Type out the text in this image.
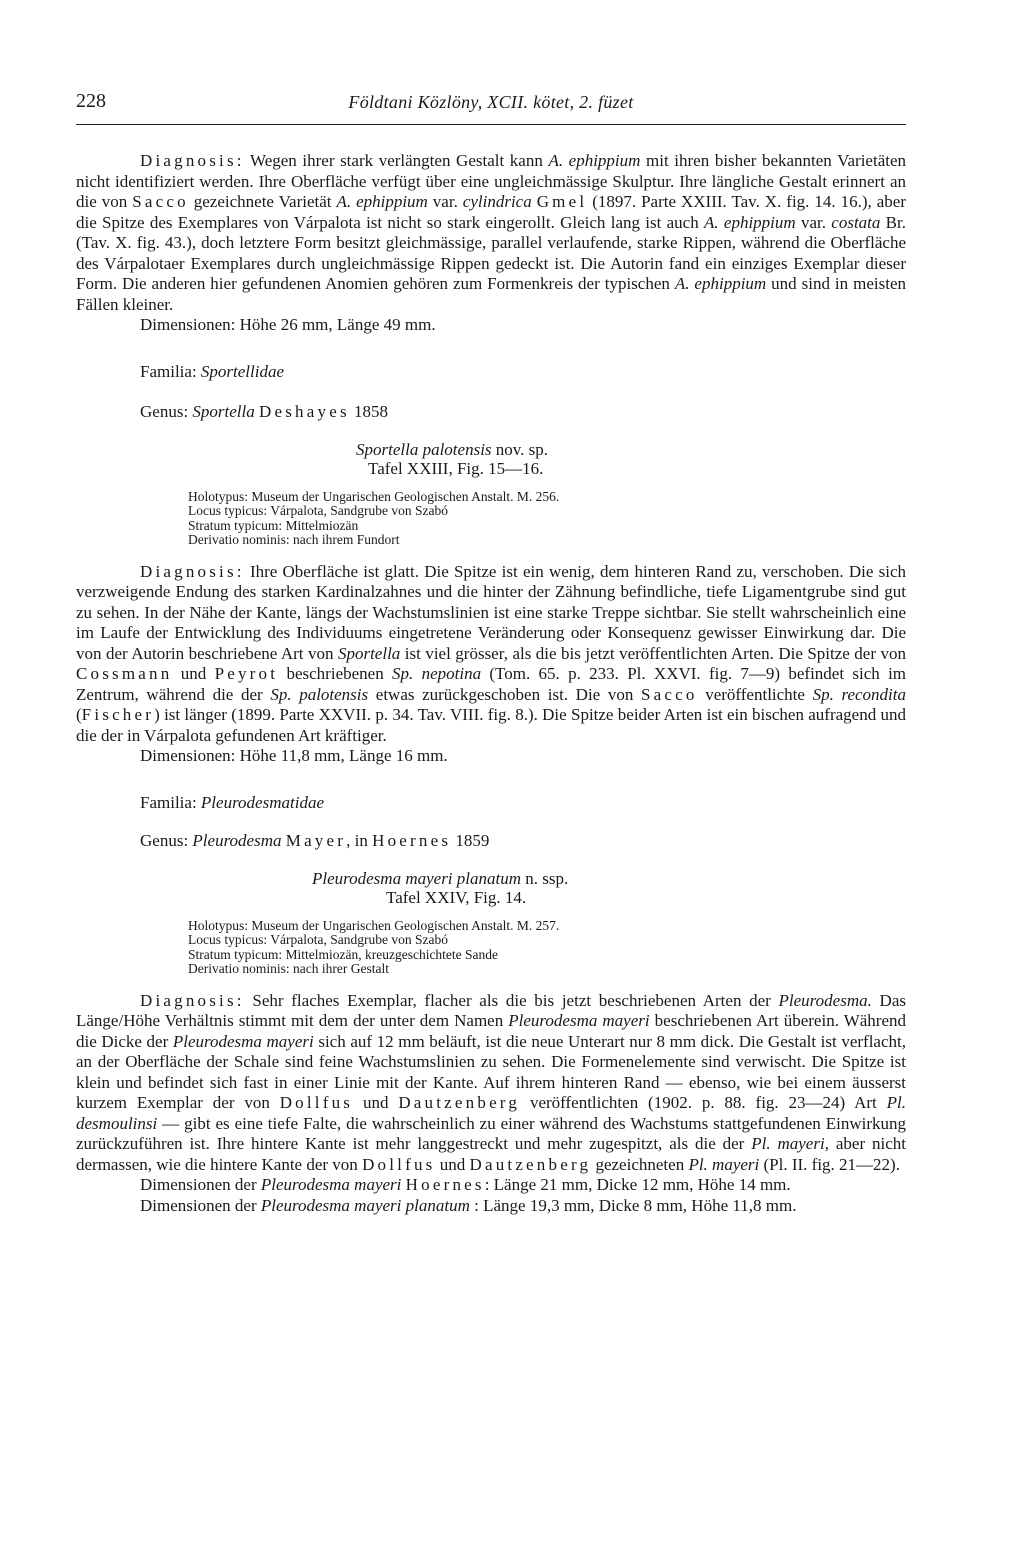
228	Földtani Közlöny, XCII. kötet, 2. füzet

Diagnosis: Wegen ihrer stark verlängten Gestalt kann A. ephippium mit ihren bisher bekannten Varietäten nicht identifiziert werden. Ihre Oberfläche verfügt über eine ungleichmässige Skulptur. Ihre längliche Gestalt erinnert an die von Sacco gezeichnete Varietät A. ephippium var. cylindrica Gmel (1897. Parte XXIII. Tav. X. fig. 14. 16.), aber die Spitze des Exemplares von Várpalota ist nicht so stark eingerollt. Gleich lang ist auch A. ephippium var. costata Br. (Tav. X. fig. 43.), doch letztere Form besitzt gleichmässige, parallel verlaufende, starke Rippen, während die Oberfläche des Várpalotaer Exemplares durch ungleichmässige Rippen gedeckt ist. Die Autorin fand ein einziges Exemplar dieser Form. Die anderen hier gefundenen Anomien gehören zum Formenkreis der typischen A. ephippium und sind in meisten Fällen kleiner.

Dimensionen: Höhe 26 mm, Länge 49 mm.

Familia: Sportellidae

Genus: Sportella Deshayes 1858

Sportella palotensis nov. sp.

Tafel XXIII, Fig. 15—16.

Holotypus: Museum der Ungarischen Geologischen Anstalt. M. 256.

Locus typicus: Várpalota, Sandgrube von Szabó

Stratum typicum: Mittelmiozän

Derivatio nominis: nach ihrem Fundort

Diagnosis: Ihre Oberfläche ist glatt. Die Spitze ist ein wenig, dem hinteren Rand zu, verschoben. Die sich verzweigende Endung des starken Kardinalzahnes und die hinter der Zähnung befindliche, tiefe Ligamentgrube sind gut zu sehen. In der Nähe der Kante, längs der Wachstumslinien ist eine starke Treppe sichtbar. Sie stellt wahrscheinlich eine im Laufe der Entwicklung des Individuums eingetretene Veränderung oder Konsequenz gewisser Einwirkung dar. Die von der Autorin beschriebene Art von Sportella ist viel grösser, als die bis jetzt veröffentlichten Arten. Die Spitze der von Cossmann und Peyrot beschriebenen Sp. nepotina (Tom. 65. p. 233. Pl. XXVI. fig. 7—9) befindet sich im Zentrum, während die der Sp. palotensis etwas zurückgeschoben ist. Die von Sacco veröffentlichte Sp. recondita (Fischer) ist länger (1899. Parte XXVII. p. 34. Tav. VIII. fig. 8.). Die Spitze beider Arten ist ein bischen aufragend und die der in Várpalota gefundenen Art kräftiger.

Dimensionen: Höhe 11,8 mm, Länge 16 mm.

Familia: Pleurodesmatidae

Genus: Pleurodesma Mayer, in Hoernes 1859

Pleurodesma mayeri planatum n. ssp.

Tafel XXIV, Fig. 14.

Holotypus: Museum der Ungarischen Geologischen Anstalt. M. 257.

Locus typicus: Várpalota, Sandgrube von Szabó

Stratum typicum: Mittelmiozän, kreuzgeschichtete Sande

Derivatio nominis: nach ihrer Gestalt

Diagnosis: Sehr flaches Exemplar, flacher als die bis jetzt beschriebenen Arten der Pleurodesma. Das Länge/Höhe Verhältnis stimmt mit dem der unter dem Namen Pleurodesma mayeri beschriebenen Art überein. Während die Dicke der Pleurodesma mayeri sich auf 12 mm beläuft, ist die neue Unterart nur 8 mm dick. Die Gestalt ist verflacht, an der Oberfläche der Schale sind feine Wachstumslinien zu sehen. Die Formenelemente sind verwischt. Die Spitze ist klein und befindet sich fast in einer Linie mit der Kante. Auf ihrem hinteren Rand — ebenso, wie bei einem äusserst kurzem Exemplar der von Dollfus und Dautzenberg veröffentlichten (1902. p. 88. fig. 23—24) Art Pl. desmoulinsi — gibt es eine tiefe Falte, die wahrscheinlich zu einer während des Wachstums stattgefundenen Einwirkung zurückzuführen ist. Ihre hintere Kante ist mehr langgestreckt und mehr zugespitzt, als die der Pl. mayeri, aber nicht dermassen, wie die hintere Kante der von Dollfus und Dautzenberg gezeichneten Pl. mayeri (Pl. II. fig. 21—22).

Dimensionen der Pleurodesma mayeri Hoernes: Länge 21 mm, Dicke 12 mm, Höhe 14 mm.

Dimensionen der Pleurodesma mayeri planatum : Länge 19,3 mm, Dicke 8 mm, Höhe 11,8 mm.
